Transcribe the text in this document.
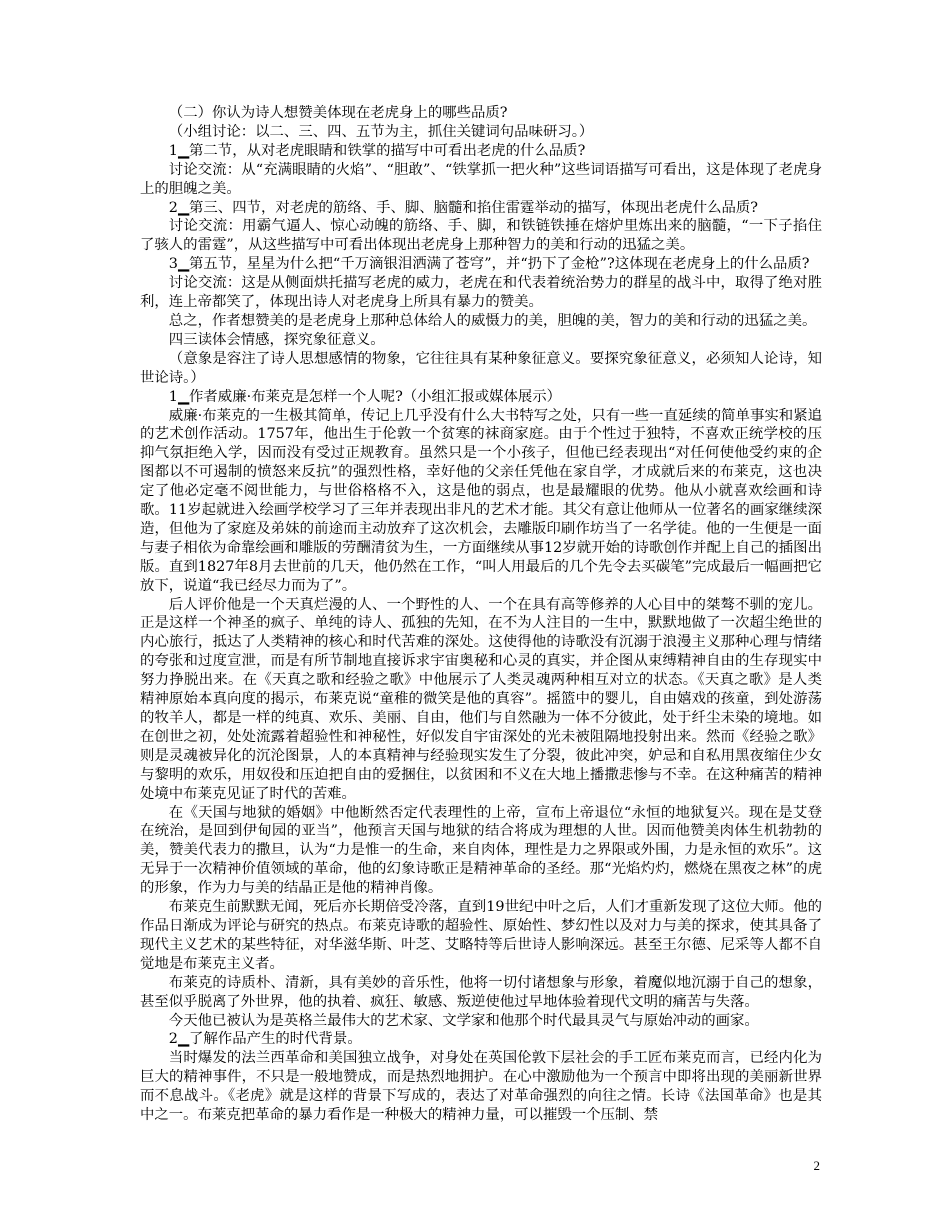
（二）你认为诗人想赞美体现在老虎身上的哪些品质?

（小组讨论：以二、三、四、五节为主，抓住关键词句品味研习。）

1▁第二节，从对老虎眼睛和铁掌的描写中可看出老虎的什么品质?

讨论交流：从“充满眼睛的火焰”、“胆敢”、“铁掌抓一把火种”这些词语描写可看出，这是体现了老虎身上的胆魄之美。

2▁第三、四节，对老虎的筋络、手、脚、脑髓和掐住雷霆举动的描写，体现出老虎什么品质?

讨论交流：用霸气逼人、惊心动魄的筋络、手、脚，和铁链铁捶在熔炉里炼出来的脑髓，“一下子掐住了骇人的雷霆”，从这些描写中可看出体现出老虎身上那种智力的美和行动的迅猛之美。

3▁第五节，星星为什么把“千万滴银泪洒满了苍穹”，并“扔下了金枪”?这体现在老虎身上的什么品质?

讨论交流：这是从侧面烘托描写老虎的威力，老虎在和代表着统治势力的群星的战斗中，取得了绝对胜利，连上帝都笑了，体现出诗人对老虎身上所具有暴力的赞美。

总之，作者想赞美的是老虎身上那种总体给人的威慑力的美，胆魄的美，智力的美和行动的迅猛之美。

四三读体会情感，探究象征意义。

（意象是容注了诗人思想感情的物象，它往往具有某种象征意义。要探究象征意义，必须知人论诗，知世论诗。）

1▁作者威廉·布莱克是怎样一个人呢?（小组汇报或媒体展示）

威廉·布莱克的一生极其简单，传记上几乎没有什么大书特写之处，只有一些一直延续的简单事实和紧追的艺术创作活动。1757年，他出生于伦敦一个贫寒的袜商家庭。由于个性过于独特，不喜欢正统学校的压抑气氛拒绝入学，因而没有受过正规教育。虽然只是一个小孩子，但他已经表现出“对任何使他受约束的企图都以不可遏制的愤怒来反抗”的强烈性格，幸好他的父亲任凭他在家自学，才成就后来的布莱克，这也决定了他必定毫不阅世能力，与世俗格格不入，这是他的弱点，也是最耀眼的优势。他从小就喜欢绘画和诗歌。11岁起就进入绘画学校学习了三年并表现出非凡的艺术才能。其父有意让他师从一位著名的画家继续深造，但他为了家庭及弟妹的前途而主动放弃了这次机会，去雕版印刷作坊当了一名学徒。他的一生便是一面与妻子相依为命靠绘画和雕版的劳酬清贫为生，一方面继续从事12岁就开始的诗歌创作并配上自己的插图出版。直到1827年8月去世前的几天，他仍然在工作，“叫人用最后的几个先令去买碳笔”完成最后一幅画把它放下，说道“我已经尽力而为了”。

后人评价他是一个天真烂漫的人、一个野性的人、一个在具有高等修养的人心目中的桀骜不驯的宠儿。正是这样一个神圣的疯子、单纯的诗人、孤独的先知，在不为人注目的一生中，默默地做了一次超尘绝世的内心旅行，抵达了人类精神的核心和时代苦难的深处。这使得他的诗歌没有沉溺于浪漫主义那种心理与情绪的夸张和过度宣泄，而是有所节制地直接诉求宇宙奥秘和心灵的真实，并企图从束缚精神自由的生存现实中努力挣脱出来。在《天真之歌和经验之歌》中他展示了人类灵魂两种相互对立的状态。《天真之歌》是人类精神原始本真向度的揭示，布莱克说“童稚的微笑是他的真容”。摇篮中的婴儿，自由嬉戏的孩童，到处游荡的牧羊人，都是一样的纯真、欢乐、美丽、自由，他们与自然融为一体不分彼此，处于纤尘未染的境地。如在创世之初，处处流露着超验性和神秘性，好似发自宇宙深处的光未被阻隔地投射出来。然而《经验之歌》则是灵魂被异化的沉沦图景，人的本真精神与经验现实发生了分裂，彼此冲突，妒忌和自私用黑夜缩住少女与黎明的欢乐，用奴役和压迫把自由的爱捆住，以贫困和不义在大地上播撒悲惨与不幸。在这种痛苦的精神处境中布莱克见证了时代的苦难。

在《天国与地狱的婚姻》中他断然否定代表理性的上帝，宣布上帝退位“永恒的地狱复兴。现在是艾登在统治，是回到伊甸园的亚当”，他预言天国与地狱的结合将成为理想的人世。因而他赞美肉体生机勃勃的美，赞美代表力的撒旦，认为“力是惟一的生命，来自肉体，理性是力之界限或外围，力是永恒的欢乐”。这无异于一次精神价值领域的革命，他的幻象诗歌正是精神革命的圣经。那“光焰灼灼，燃烧在黑夜之林”的虎的形象，作为力与美的结晶正是他的精神肖像。

布莱克生前默默无闻，死后亦长期倍受冷落，直到19世纪中叶之后，人们才重新发现了这位大师。他的作品日渐成为评论与研究的热点。布莱克诗歌的超验性、原始性、梦幻性以及对力与美的探求，使其具备了现代主义艺术的某些特征，对华滋华斯、叶芝、艾略特等后世诗人影响深远。甚至王尔德、尼采等人都不自觉地是布莱克主义者。

布莱克的诗质朴、清新，具有美妙的音乐性，他将一切付诸想象与形象，着魔似地沉溺于自己的想象，甚至似乎脱离了外世界，他的执着、疯狂、敏感、叛逆使他过早地体验着现代文明的痛苦与失落。

今天他已被认为是英格兰最伟大的艺术家、文学家和他那个时代最具灵气与原始冲动的画家。

2▁了解作品产生的时代背景。

当时爆发的法兰西革命和美国独立战争，对身处在英国伦敦下层社会的手工匠布莱克而言，已经内化为巨大的精神事件，不只是一般地赞成，而是热烈地拥护。在心中激励他为一个预言中即将出现的美丽新世界而不息战斗。《老虎》就是这样的背景下写成的，表达了对革命强烈的向往之情。长诗《法国革命》也是其中之一。布莱克把革命的暴力看作是一种极大的精神力量，可以摧毁一个压制、禁

2
